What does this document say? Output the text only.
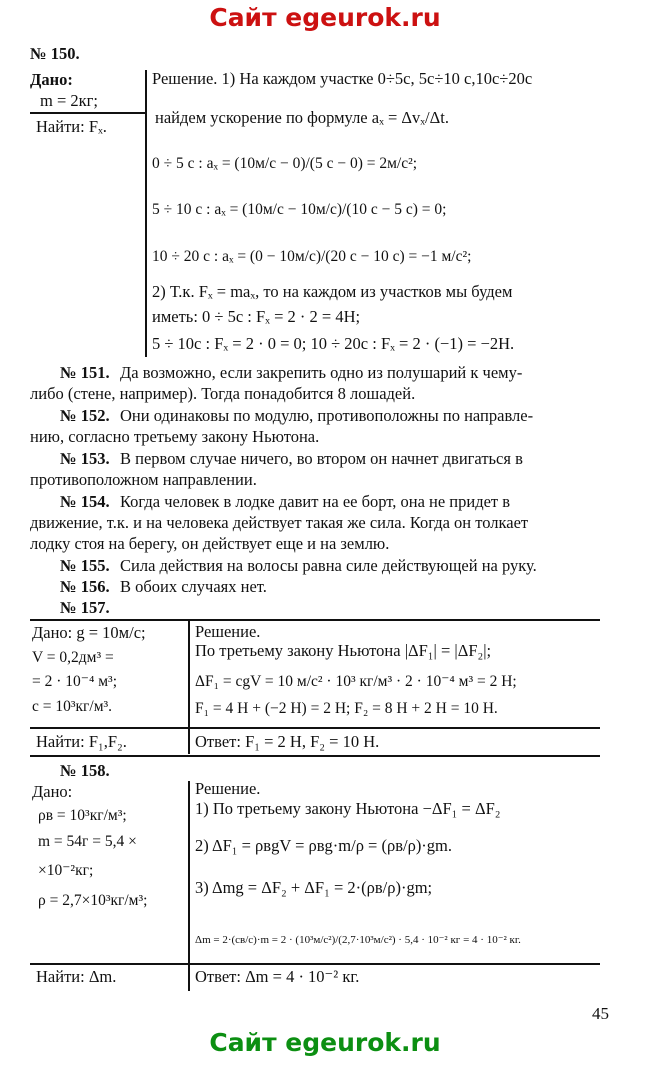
Сайт egeurok.ru
№ 150.
Дано:
m = 2кг;
Найти: Fₓ.
Решение. 1) На каждом участке 0÷5с, 5с÷10 с,10с÷20с
найдем ускорение по формуле aₓ = Δvₓ/Δt.
0 ÷ 5 с : aₓ = (10м/с − 0)/(5 с − 0) = 2м/с²;
5 ÷ 10 с : aₓ = (10м/с − 10м/с)/(10 с − 5 с) = 0;
10 ÷ 20 с : aₓ = (0 − 10м/с)/(20 с − 10 с) = −1 м/с²;
2) Т.к. Fₓ = maₓ, то на каждом из участков мы будем
иметь: 0 ÷ 5с : Fₓ = 2 · 2 = 4Н;
5 ÷ 10с : Fₓ = 2 · 0 = 0; 10 ÷ 20с : Fₓ = 2 · (−1) = −2Н.
№ 151. Да возможно, если закрепить одно из полушарий к чему-
либо (стене, например). Тогда понадобится 8 лошадей.
№ 152. Они одинаковы по модулю, противоположны по направле-
нию, согласно третьему закону Ньютона.
№ 153. В первом случае ничего, во втором он начнет двигаться в
противоположном направлении.
№ 154. Когда человек в лодке давит на ее борт, она не придет в
движение, т.к. и на человека действует такая же сила. Когда он толкает
лодку стоя на берегу, он действует еще и на землю.
№ 155. Сила действия на волосы равна силе действующей на руку.
№ 156. В обоих случаях нет.
№ 157.
Дано: g = 10м/с;
V = 0,2дм³ =
= 2 · 10⁻⁴ м³;
c = 10³кг/м³.
Решение.
По третьему закону Ньютона |ΔF₁| = |ΔF₂|;
ΔF₁ = cgV = 10 м/с² · 10³ кг/м³ · 2 · 10⁻⁴ м³ = 2 Н;
F₁ = 4 Н + (−2 Н) = 2 Н; F₂ = 8 Н + 2 Н = 10 Н.
Найти: F₁,F₂.	Ответ: F₁ = 2 Н, F₂ = 10 Н.
№ 158.
Дано:
ρв = 10³кг/м³;
m = 54г = 5,4 ×
×10⁻²кг;
ρ = 2,7×10³кг/м³;
Решение.
1) По третьему закону Ньютона −ΔF₁ = ΔF₂
2) ΔF₁ = ρвgV = ρвg·m/ρ = (ρв/ρ)·gm.
3) Δmg = ΔF₂ + ΔF₁ = 2·(ρв/ρ)·gm;
Δm = 2·(cв/c)·m = 2 · (10³м/с²)/(2,7·10³м/с²) · 5,4 · 10⁻² кг = 4 · 10⁻² кг.
Найти: Δm.	Ответ: Δm = 4 · 10⁻² кг.
45
Сайт egeurok.ru
